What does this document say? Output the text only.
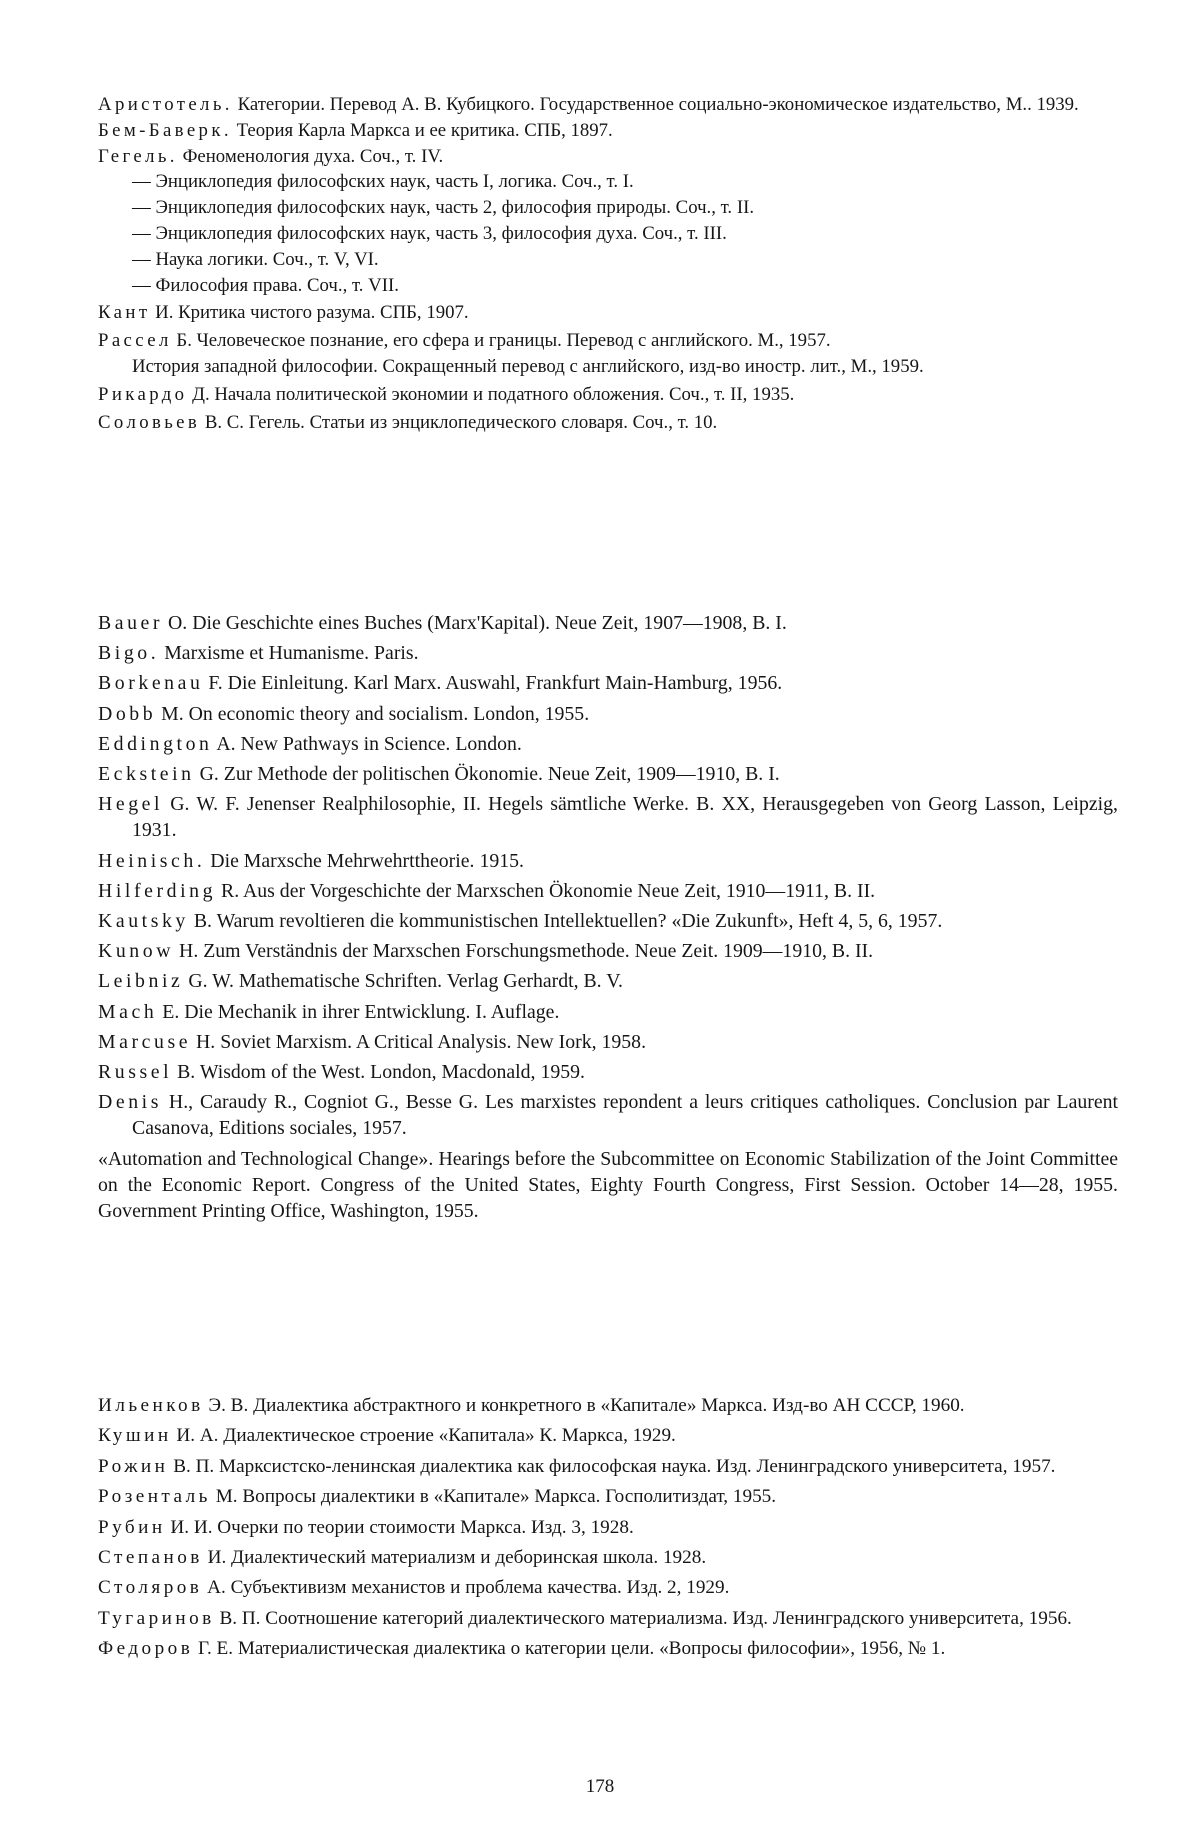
Аристотель. Категории. Перевод А. В. Кубицкого. Государственное социально-экономическое издательство, М.. 1939.
Бем-Баверк. Теория Карла Маркса и ее критика. СПБ, 1897.
Гегель. Феноменология духа. Соч., т. IV.
— Энциклопедия философских наук, часть I, логика. Соч., т. I.
— Энциклопедия философских наук, часть 2, философия природы. Соч., т. II.
— Энциклопедия философских наук, часть 3, философия духа. Соч., т. III.
— Наука логики. Соч., т. V, VI.
— Философия права. Соч., т. VII.
Кант И. Критика чистого разума. СПБ, 1907.
Рассел Б. Человеческое познание, его сфера и границы. Перевод с английского. М., 1957.
История западной философии. Сокращенный перевод с английского, изд-во иностр. лит., М., 1959.
Рикардо Д. Начала политической экономии и податного обложения. Соч., т. II, 1935.
Соловьев В. С. Гегель. Статьи из энциклопедического словаря. Соч., т. 10.
Bauer O. Die Geschichte eines Buches (Marx'Kapital). Neue Zeit, 1907—1908, B. I.
Bigo. Marxisme et Humanisme. Paris.
Borkenau F. Die Einleitung. Karl Marx. Auswahl, Frankfurt Main-Hamburg, 1956.
Dobb M. On economic theory and socialism. London, 1955.
Eddington A. New Pathways in Science. London.
Eckstein G. Zur Methode der politischen Ökonomie. Neue Zeit, 1909—1910, B. I.
Hegel G. W. F. Jenenser Realphilosophie, II. Hegels sämtliche Werke. B. XX, Herausgegeben von Georg Lasson, Leipzig, 1931.
Heinisch. Die Marxsche Mehrwehrttheorie. 1915.
Hilferding R. Aus der Vorgeschichte der Marxschen Ökonomie Neue Zeit, 1910—1911, B. II.
Kautsky B. Warum revoltieren die kommunistischen Intellektuellen? «Die Zukunft», Heft 4, 5, 6, 1957.
Kunow H. Zum Verständnis der Marxschen Forschungsmethode. Neue Zeit. 1909—1910, B. II.
Leibniz G. W. Mathematische Schriften. Verlag Gerhardt, B. V.
Mach E. Die Mechanik in ihrer Entwicklung. I. Auflage.
Marcuse H. Soviet Marxism. A Critical Analysis. New Iork, 1958.
Russel B. Wisdom of the West. London, Macdonald, 1959.
Denis H., Caraudy R., Cogniot G., Besse G. Les marxistes repondent a leurs critiques catholiques. Conclusion par Laurent Casanova, Editions sociales, 1957.
«Automation and Technological Change». Hearings before the Subcommittee on Economic Stabilization of the Joint Committee on the Economic Report. Congress of the United States, Eighty Fourth Congress, First Session. October 14—28, 1955. Government Printing Office, Washington, 1955.
Ильенков Э. В. Диалектика абстрактного и конкретного в «Капитале» Маркса. Изд-во АН СССР, 1960.
Кушин И. А. Диалектическое строение «Капитала» К. Маркса, 1929.
Рожин В. П. Марксистско-ленинская диалектика как философская наука. Изд. Ленинградского университета, 1957.
Розенталь М. Вопросы диалектики в «Капитале» Маркса. Госполитиздат, 1955.
Рубин И. И. Очерки по теории стоимости Маркса. Изд. 3, 1928.
Степанов И. Диалектический материализм и деборинская школа. 1928.
Столяров А. Субъективизм механистов и проблема качества. Изд. 2, 1929.
Тугаринов В. П. Соотношение категорий диалектического материализма. Изд. Ленинградского университета, 1956.
Федоров Г. Е. Материалистическая диалектика о категории цели. «Вопросы философии», 1956, № 1.
178
